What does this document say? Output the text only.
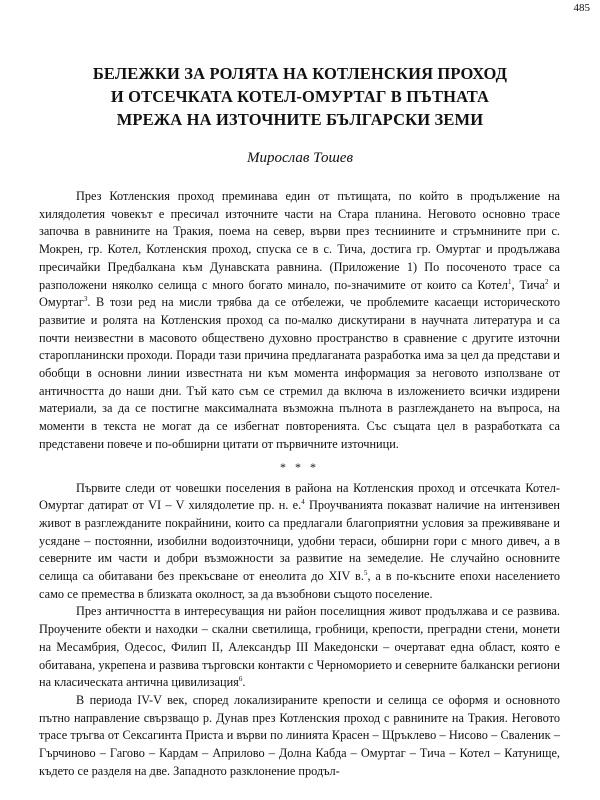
485
БЕЛЕЖКИ ЗА РОЛЯТА НА КОТЛЕНСКИЯ ПРОХОД
И ОТСЕЧКАТА КОТЕЛ-ОМУРТАГ В ПЪТНАТА
МРЕЖА НА ИЗТОЧНИТЕ БЪЛГАРСКИ ЗЕМИ
Мирослав Тошев

През Котленския проход преминава един от пътищата, по който в продължение на хилядолетия човекът е пресичал източните части на Стара планина. Неговото основно трасе започва в равнините на Тракия, поема на север, върви през тесниините и стръмнините при с. Мокрен, гр. Котел, Котленския проход, спуска се в с. Тича, достига гр. Омуртаг и продължава пресичайки Предбалкана към Дунавската равнина. (Приложение 1) По посоченото трасе са разположени няколко селища с много богато минало, по-значимите от които са Котел$^1$, Тича$^2$ и Омуртаг$^3$. В този ред на мисли трябва да се отбележи, че проблемите касаещи историческото развитие и ролята на Котленския проход са по-малко дискутирани в научната литература и са почти неизвестни в масовото обществено духовно пространство в сравнение с другите източни старопланински проходи. Поради тази причина предлаганата разработка има за цел да представи и обобщи в основни линии известната ни към момента информация за неговото използване от античността до наши дни. Тъй като съм се стремил да включа в изложението всички издирени материали, за да се постигне максималната възможна пълнота в разглеждането на въпроса, на моменти в текста не могат да се избегнат повторенията. Със същата цел в разработката са представени повече и по-обширни цитати от първичните източници.

* * *

Първите следи от човешки поселения в района на Котленския проход и отсечката Котел-Омуртаг датират от VI – V хилядолетие пр. н. е.$^4$ Проучванията показват наличие на интензивен живот в разглежданите покрайнини, които са предлагали благоприятни условия за преживяване и усядане – постоянни, изобилни водоизточници, удобни тераси, обширни гори с много дивеч, а в северните им части и добри възможности за развитие на земеделие. Не случайно основните селища са обитавани без прекъсване от енеолита до XIV в.$^5$, а в по-късните епохи населението само се премества в близката околност, за да възобнови същото поселение.

През античността в интересуващия ни район поселищния живот продължава и се развива. Проучените обекти и находки – скални светилища, гробници, крепости, преградни стени, монети на Месамбрия, Одесос, Филип II, Александър III Македонски – очертават една област, която е обитавана, укрепена и развива търговски контакти с Черноморието и северните балкански региони на класическата антична цивилизация$^6$.

В периода IV-V век, според локализираните крепости и селища се оформя и основното пътно направление свързващо р. Дунав през Котленския проход с равнините на Тракия. Неговото трасе тръгва от Сексагинта Приста и върви по линията Красен – Щръклево – Нисово – Сваленик – Гърчиново – Гагово – Кардам – Априлово – Долна Кабда – Омуртаг – Тича – Котел – Катунище, където се разделя на две. Западното разклонение продъл-
